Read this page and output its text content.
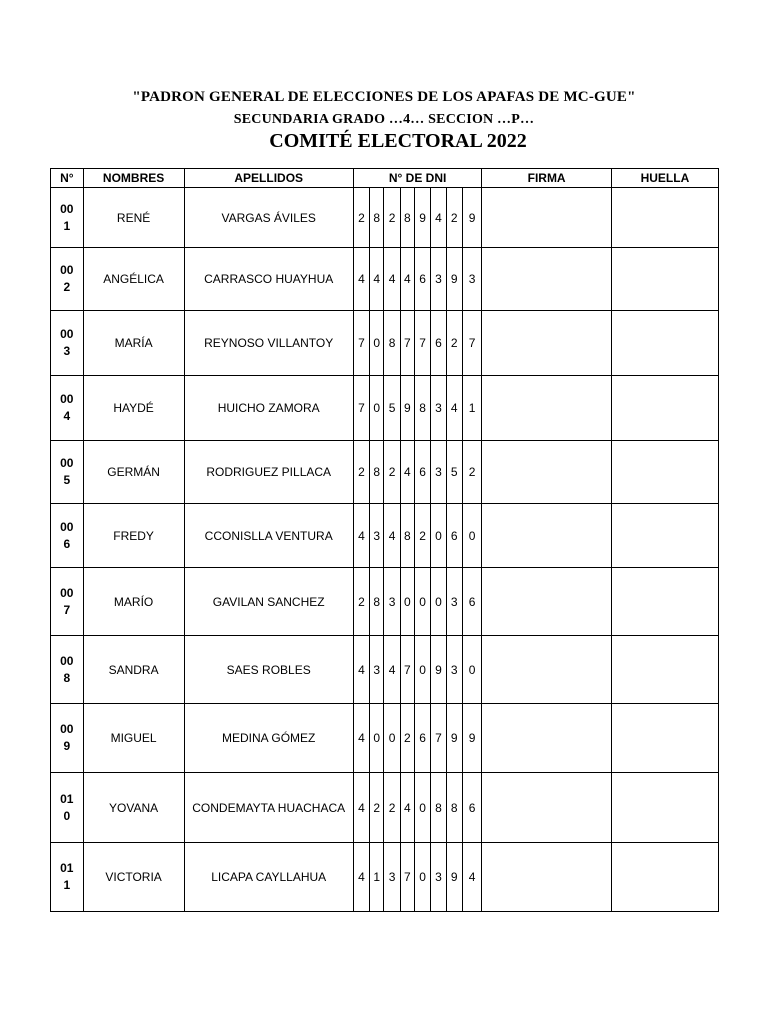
"PADRON GENERAL DE ELECCIONES DE LOS APAFAS DE MC-GUE"
SECUNDARIA GRADO …4… SECCION …P…
COMITÉ ELECTORAL 2022
N°	NOMBRES	APELLIDOS	N° DE DNI								FIRMA	HUELLA

00
1	RENÉ	VARGAS ÁVILES	2	8	2	8	9	4	2	9		

00
2	ANGÉLICA	CARRASCO HUAYHUA	4	4	4	4	6	3	9	3		

00
3	MARÍA	REYNOSO VILLANTOY	7	0	8	7	7	6	2	7		

00
4	HAYDÉ	HUICHO ZAMORA	7	0	5	9	8	3	4	1		

00
5	GERMÁN	RODRIGUEZ PILLACA	2	8	2	4	6	3	5	2		

00
6	FREDY	CCONISLLA VENTURA	4	3	4	8	2	0	6	0		

00
7	MARÍO	GAVILAN SANCHEZ	2	8	3	0	0	0	3	6		

00
8	SANDRA	SAES ROBLES	4	3	4	7	0	9	3	0		

00
9	MIGUEL	MEDINA GÓMEZ	4	0	0	2	6	7	9	9		

01
0	YOVANA	CONDEMAYTA HUACHACA	4	2	2	4	0	8	8	6		

01
1	VICTORIA	LICAPA CAYLLAHUA	4	1	3	7	0	3	9	4		
